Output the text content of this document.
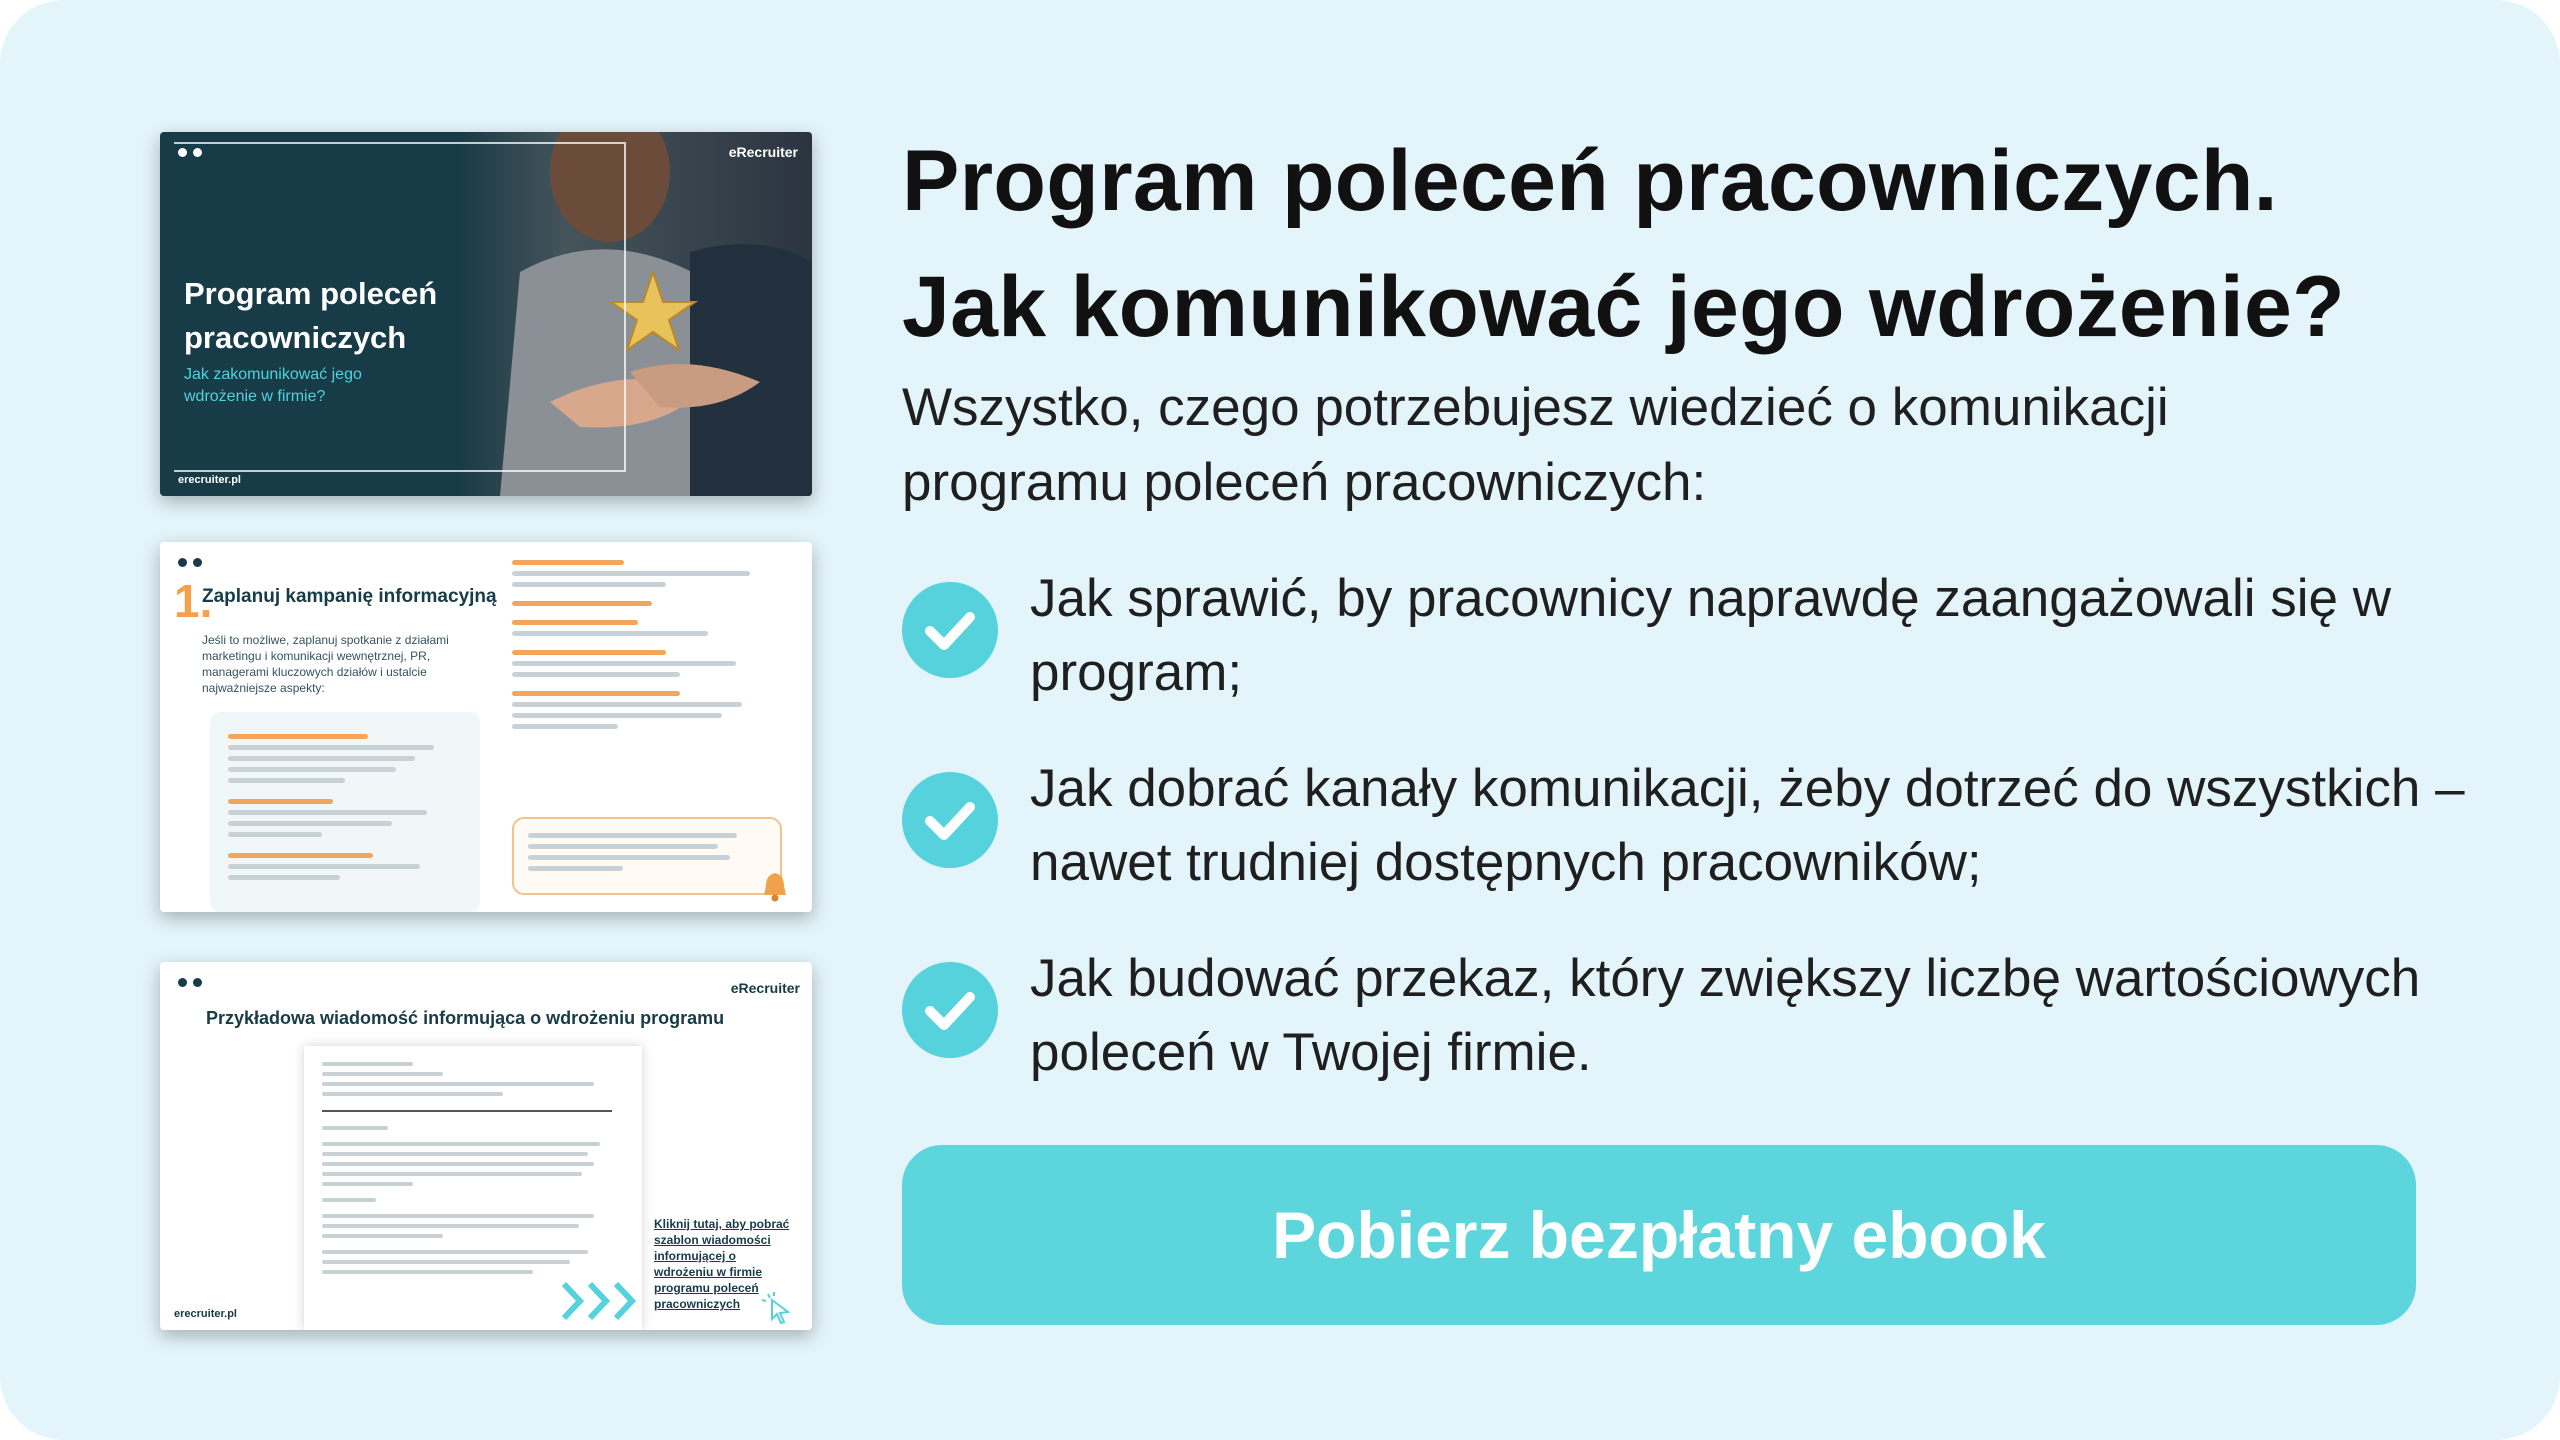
eRecruiter
Program poleceń pracowniczych
Jak zakomunikować jego wdrożenie w firmie?
erecruiter.pl
1.
Zaplanuj kampanię informacyjną
Jeśli to możliwe, zaplanuj spotkanie z działami marketingu i komunikacji wewnętrznej, PR, managerami kluczowych działów i ustalcie najważniejsze aspekty:
eRecruiter
Przykładowa wiadomość informująca o wdrożeniu programu
Kliknij tutaj, aby pobrać szablon wiadomości informującej o wdrożeniu w firmie programu poleceń pracowniczych
erecruiter.pl
Program poleceń pracowniczych.
Jak komunikować jego wdrożenie?

Wszystko, czego potrzebujesz wiedzieć o komunikacji programu poleceń pracowniczych:

Jak sprawić, by pracownicy naprawdę zaangażowali się w program;
Jak dobrać kanały komunikacji, żeby dotrzeć do wszystkich – nawet trudniej dostępnych pracowników;
Jak budować przekaz, który zwiększy liczbę wartościowych poleceń w Twojej firmie.
Pobierz bezpłatny ebook
